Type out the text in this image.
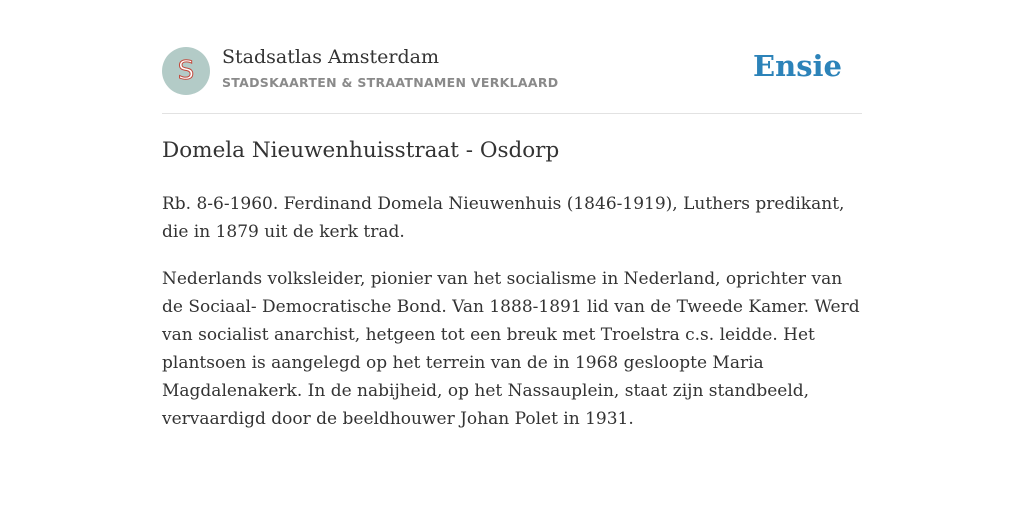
S	Stadsatlas Amsterdam
STADSKAARTEN & STRAATNAMEN VERKLAARD	Ensie
Domela Nieuwenhuisstraat - Osdorp

Rb. 8-6-1960. Ferdinand Domela Nieuwenhuis (1846-1919), Luthers predikant, die in 1879 uit de kerk trad.

Nederlands volksleider, pionier van het socialisme in Nederland, oprichter van de Sociaal- Democratische Bond. Van 1888-1891 lid van de Tweede Kamer. Werd van socialist anarchist, hetgeen tot een breuk met Troelstra c.s. leidde. Het plantsoen is aangelegd op het terrein van de in 1968 gesloopte Maria Magdalenakerk. In de nabijheid, op het Nassauplein, staat zijn standbeeld, vervaardigd door de beeldhouwer Johan Polet in 1931.
